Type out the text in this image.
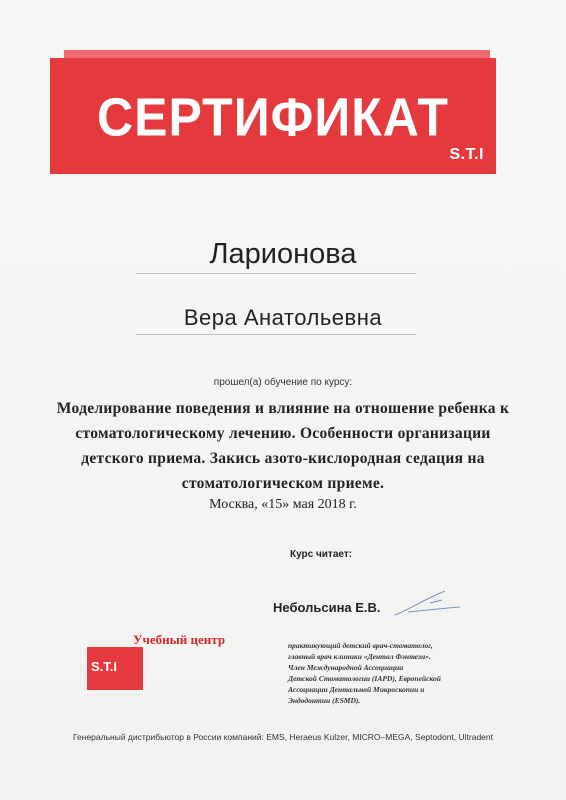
СЕРТИФИКАТ
S.T.I
Ларионова
Вера Анатольевна
прошел(а) обучение по курсу:
Моделирование поведения и влияние на отношение ребенка к
стоматологическому лечению. Особенности организации
детского приема. Закись азото-кислородная седация на
стоматологическом приеме.
Москва, «15» мая 2018 г.
Курс читает:
Небольсина Е.В.
практикующий детский врач-стоматолог,
главный врач клиники «Дентал Фэнтези».
Член Международной Ассоциации
Детской Стоматологии (IAPD), Европейской
Ассоциации Дентальной Микроскопии и
Эндодонтии (ESMD).
Учебный центр
S.T.I
Генеральный дистрибьютор в России компаний: EMS, Heraeus Kulzer, MICRO–MEGA, Septodont, Ultradent
